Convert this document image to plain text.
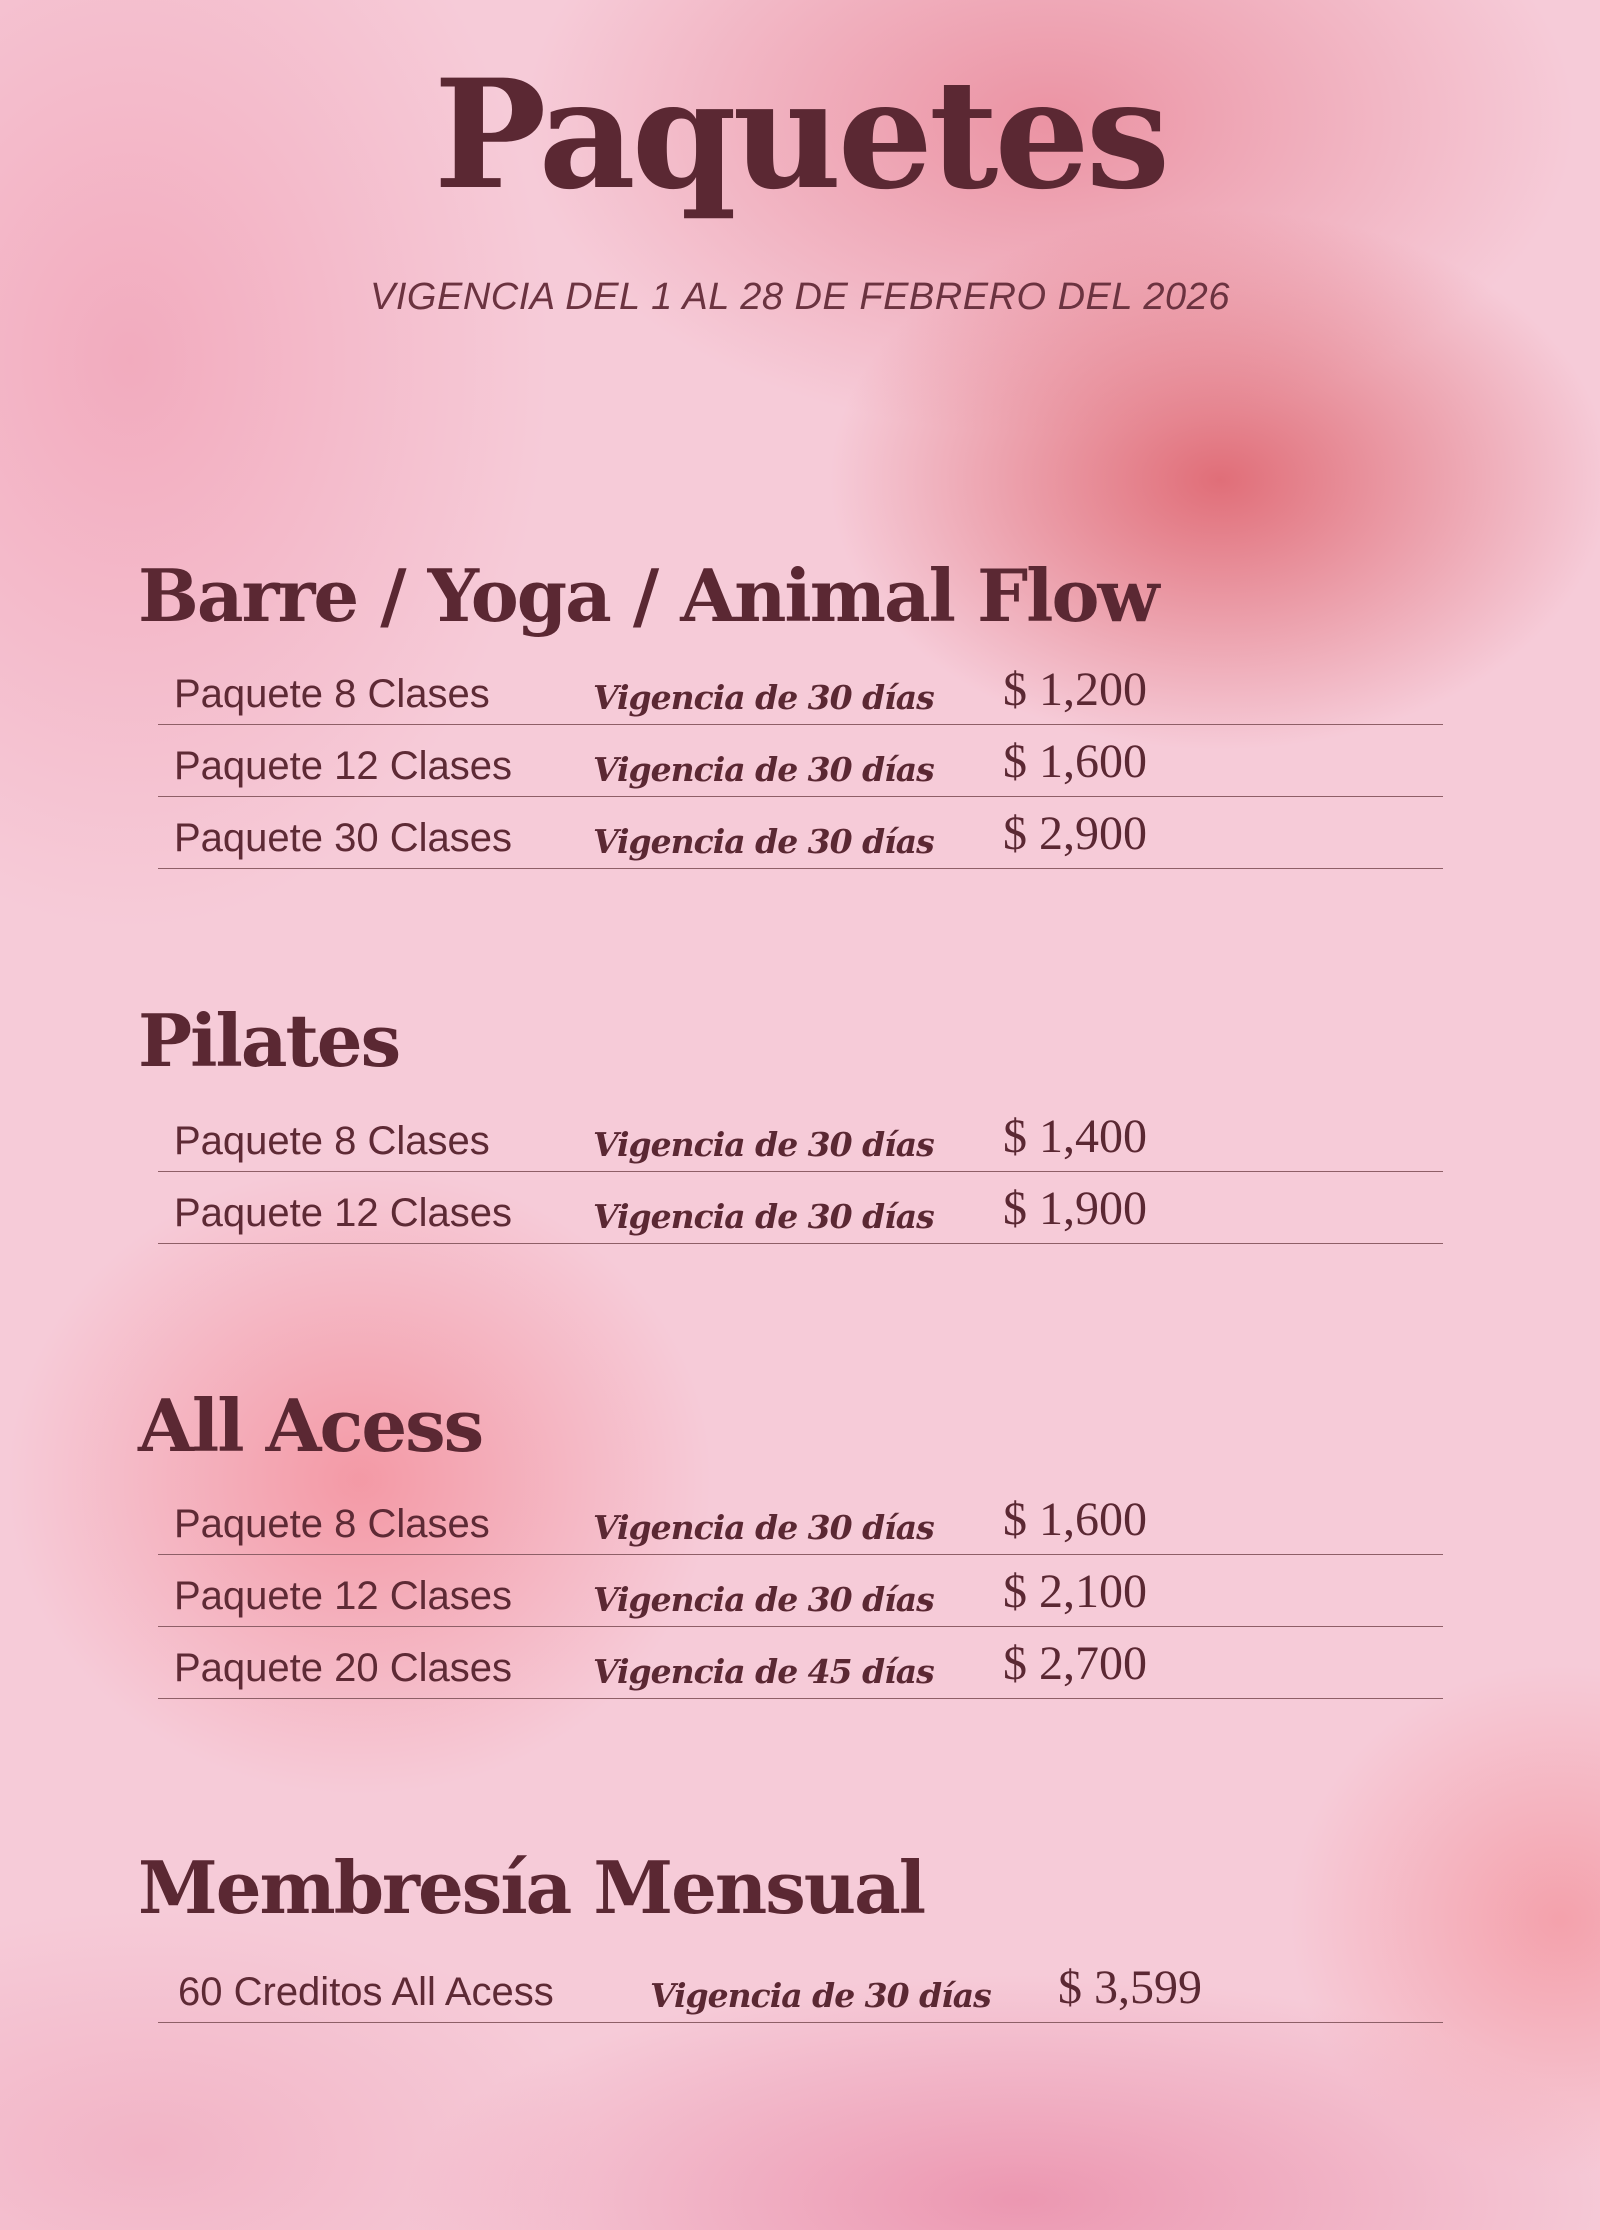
Paquetes

VIGENCIA DEL 1 AL 28 DE FEBRERO DEL 2026

Barre / Yoga / Animal Flow
Paquete 8 Clases	Vigencia de 30 días $ 1,200
Paquete 12 Clases Vigencia de 30 días $ 1,600
Paquete 30 Clases Vigencia de 30 días $ 2,900
Pilates
Paquete 8 Clases	Vigencia de 30 días $ 1,400
Paquete 12 Clases Vigencia de 30 días $ 1,900
All Acess
Paquete 8 Clases	Vigencia de 30 días $ 1,600
Paquete 12 Clases Vigencia de 30 días $ 2,100
Paquete 20 Clases Vigencia de 45 días $ 2,700
Membresía Mensual
60 Creditos All Acess	Vigencia de 30 días $ 3,599
